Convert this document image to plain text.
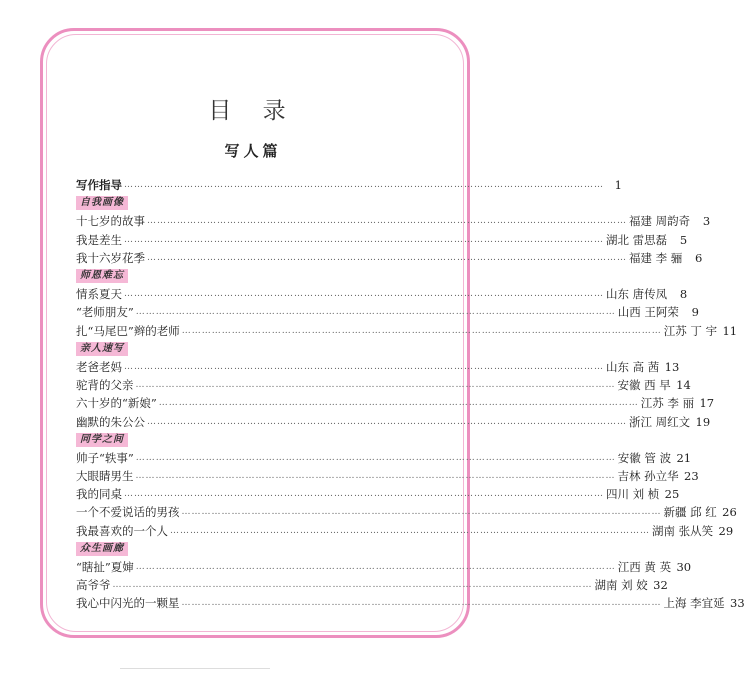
目 录
写人篇
写作指导 ……………………………………………………………………………………………………………………………… 1
自我画像
十七岁的故事 ……………………………………………………………………………………………………………………………… 福建 周韵奇	3
我是差生 ……………………………………………………………………………………………………………………………… 湖北 雷思磊	5
我十六岁花季 ……………………………………………………………………………………………………………………………… 福建 李 骊	6
师恩难忘
情系夏天 ……………………………………………………………………………………………………………………………… 山东 唐传凤	8
“老师朋友” ……………………………………………………………………………………………………………………………… 山西 王阿荣	9
扎“马尾巴”辫的老师 ……………………………………………………………………………………………………………………………… 江苏 丁 宇 11
亲人速写
老爸老妈 ……………………………………………………………………………………………………………………………… 山东 高 茜 13
驼背的父亲 ……………………………………………………………………………………………………………………………… 安徽 西 早 14
六十岁的“新娘” ……………………………………………………………………………………………………………………………… 江苏 李 丽 17
幽默的朱公公 ……………………………………………………………………………………………………………………………… 浙江 周红文 19
同学之间
帅子“轶事” ……………………………………………………………………………………………………………………………… 安徽 管 波 21
大眼睛男生 ……………………………………………………………………………………………………………………………… 吉林 孙立华 23
我的同桌 ……………………………………………………………………………………………………………………………… 四川 刘 桢 25
一个不爱说话的男孩 ……………………………………………………………………………………………………………………………… 新疆 邱 红 26
我最喜欢的一个人 ……………………………………………………………………………………………………………………………… 湖南 张从笑 29
众生画廊
“瞎扯”夏婶 ……………………………………………………………………………………………………………………………… 江西 黄 英 30
高爷爷 ……………………………………………………………………………………………………………………………… 湖南 刘 姣 32
我心中闪光的一颗星 ……………………………………………………………………………………………………………………………… 上海 李宜延 33
